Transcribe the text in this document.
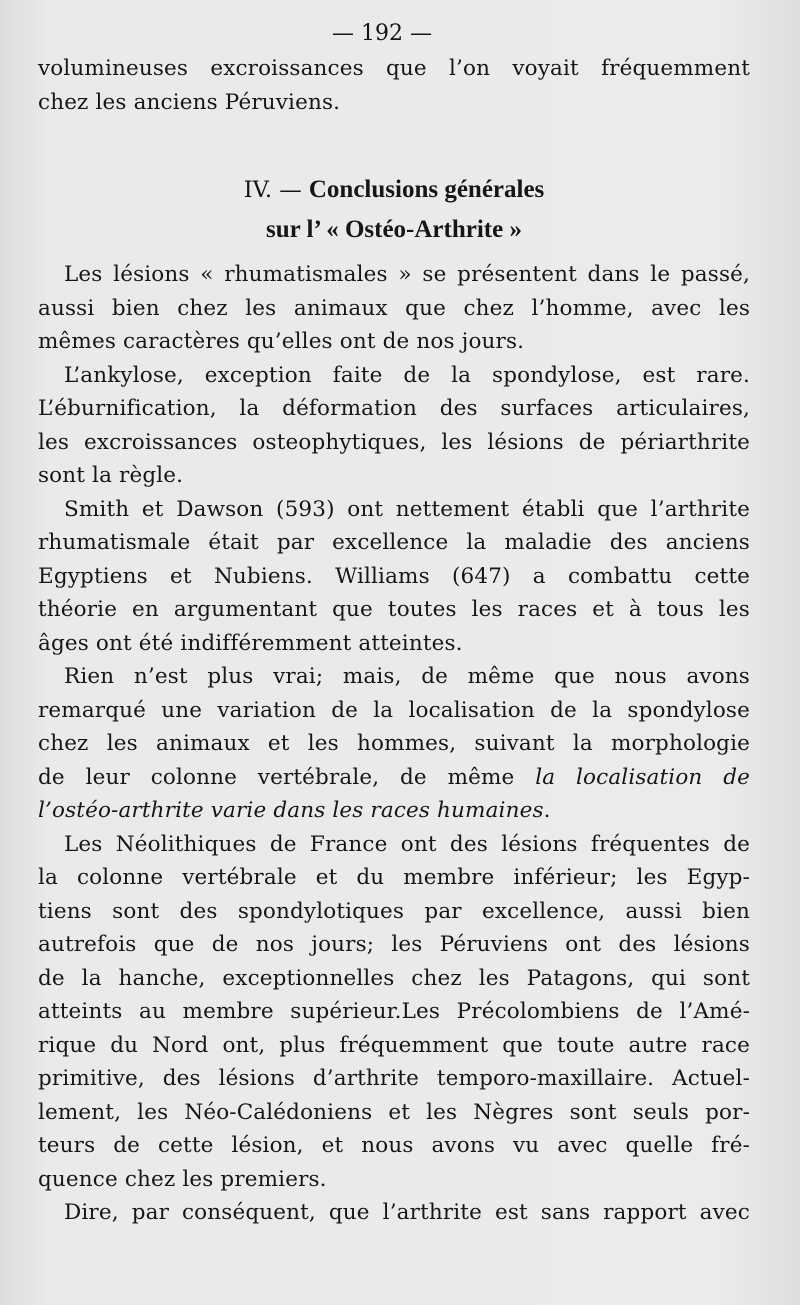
— 192 —

volumineuses excroissances que l’on voyait fréquemment
chez les anciens Péruviens.

IV. — Conclusions générales
sur l’ « Ostéo-Arthrite »

Les lésions « rhumatismales » se présentent dans le passé,
aussi bien chez les animaux que chez l’homme, avec les
mêmes caractères qu’elles ont de nos jours.

L’ankylose, exception faite de la spondylose, est rare.
L’éburnification, la déformation des surfaces articulaires,
les excroissances osteophytiques, les lésions de périarthrite
sont la règle.

Smith et Dawson (593) ont nettement établi que l’arthrite
rhumatismale était par excellence la maladie des anciens
Egyptiens et Nubiens. Williams (647) a combattu cette
théorie en argumentant que toutes les races et à tous les
âges ont été indifféremment atteintes.

Rien n’est plus vrai; mais, de même que nous avons
remarqué une variation de la localisation de la spondylose
chez les animaux et les hommes, suivant la morphologie
de leur colonne vertébrale, de même la localisation de
l’ostéo-arthrite varie dans les races humaines.

Les Néolithiques de France ont des lésions fréquentes de
la colonne vertébrale et du membre inférieur; les Egyp-
tiens sont des spondylotiques par excellence, aussi bien
autrefois que de nos jours; les Péruviens ont des lésions
de la hanche, exceptionnelles chez les Patagons, qui sont
atteints au membre supérieur.Les Précolombiens de l’Amé-
rique du Nord ont, plus fréquemment que toute autre race
primitive, des lésions d’arthrite temporo-maxillaire. Actuel-
lement, les Néo-Calédoniens et les Nègres sont seuls por-
teurs de cette lésion, et nous avons vu avec quelle fré-
quence chez les premiers.

Dire, par conséquent, que l’arthrite est sans rapport avec
